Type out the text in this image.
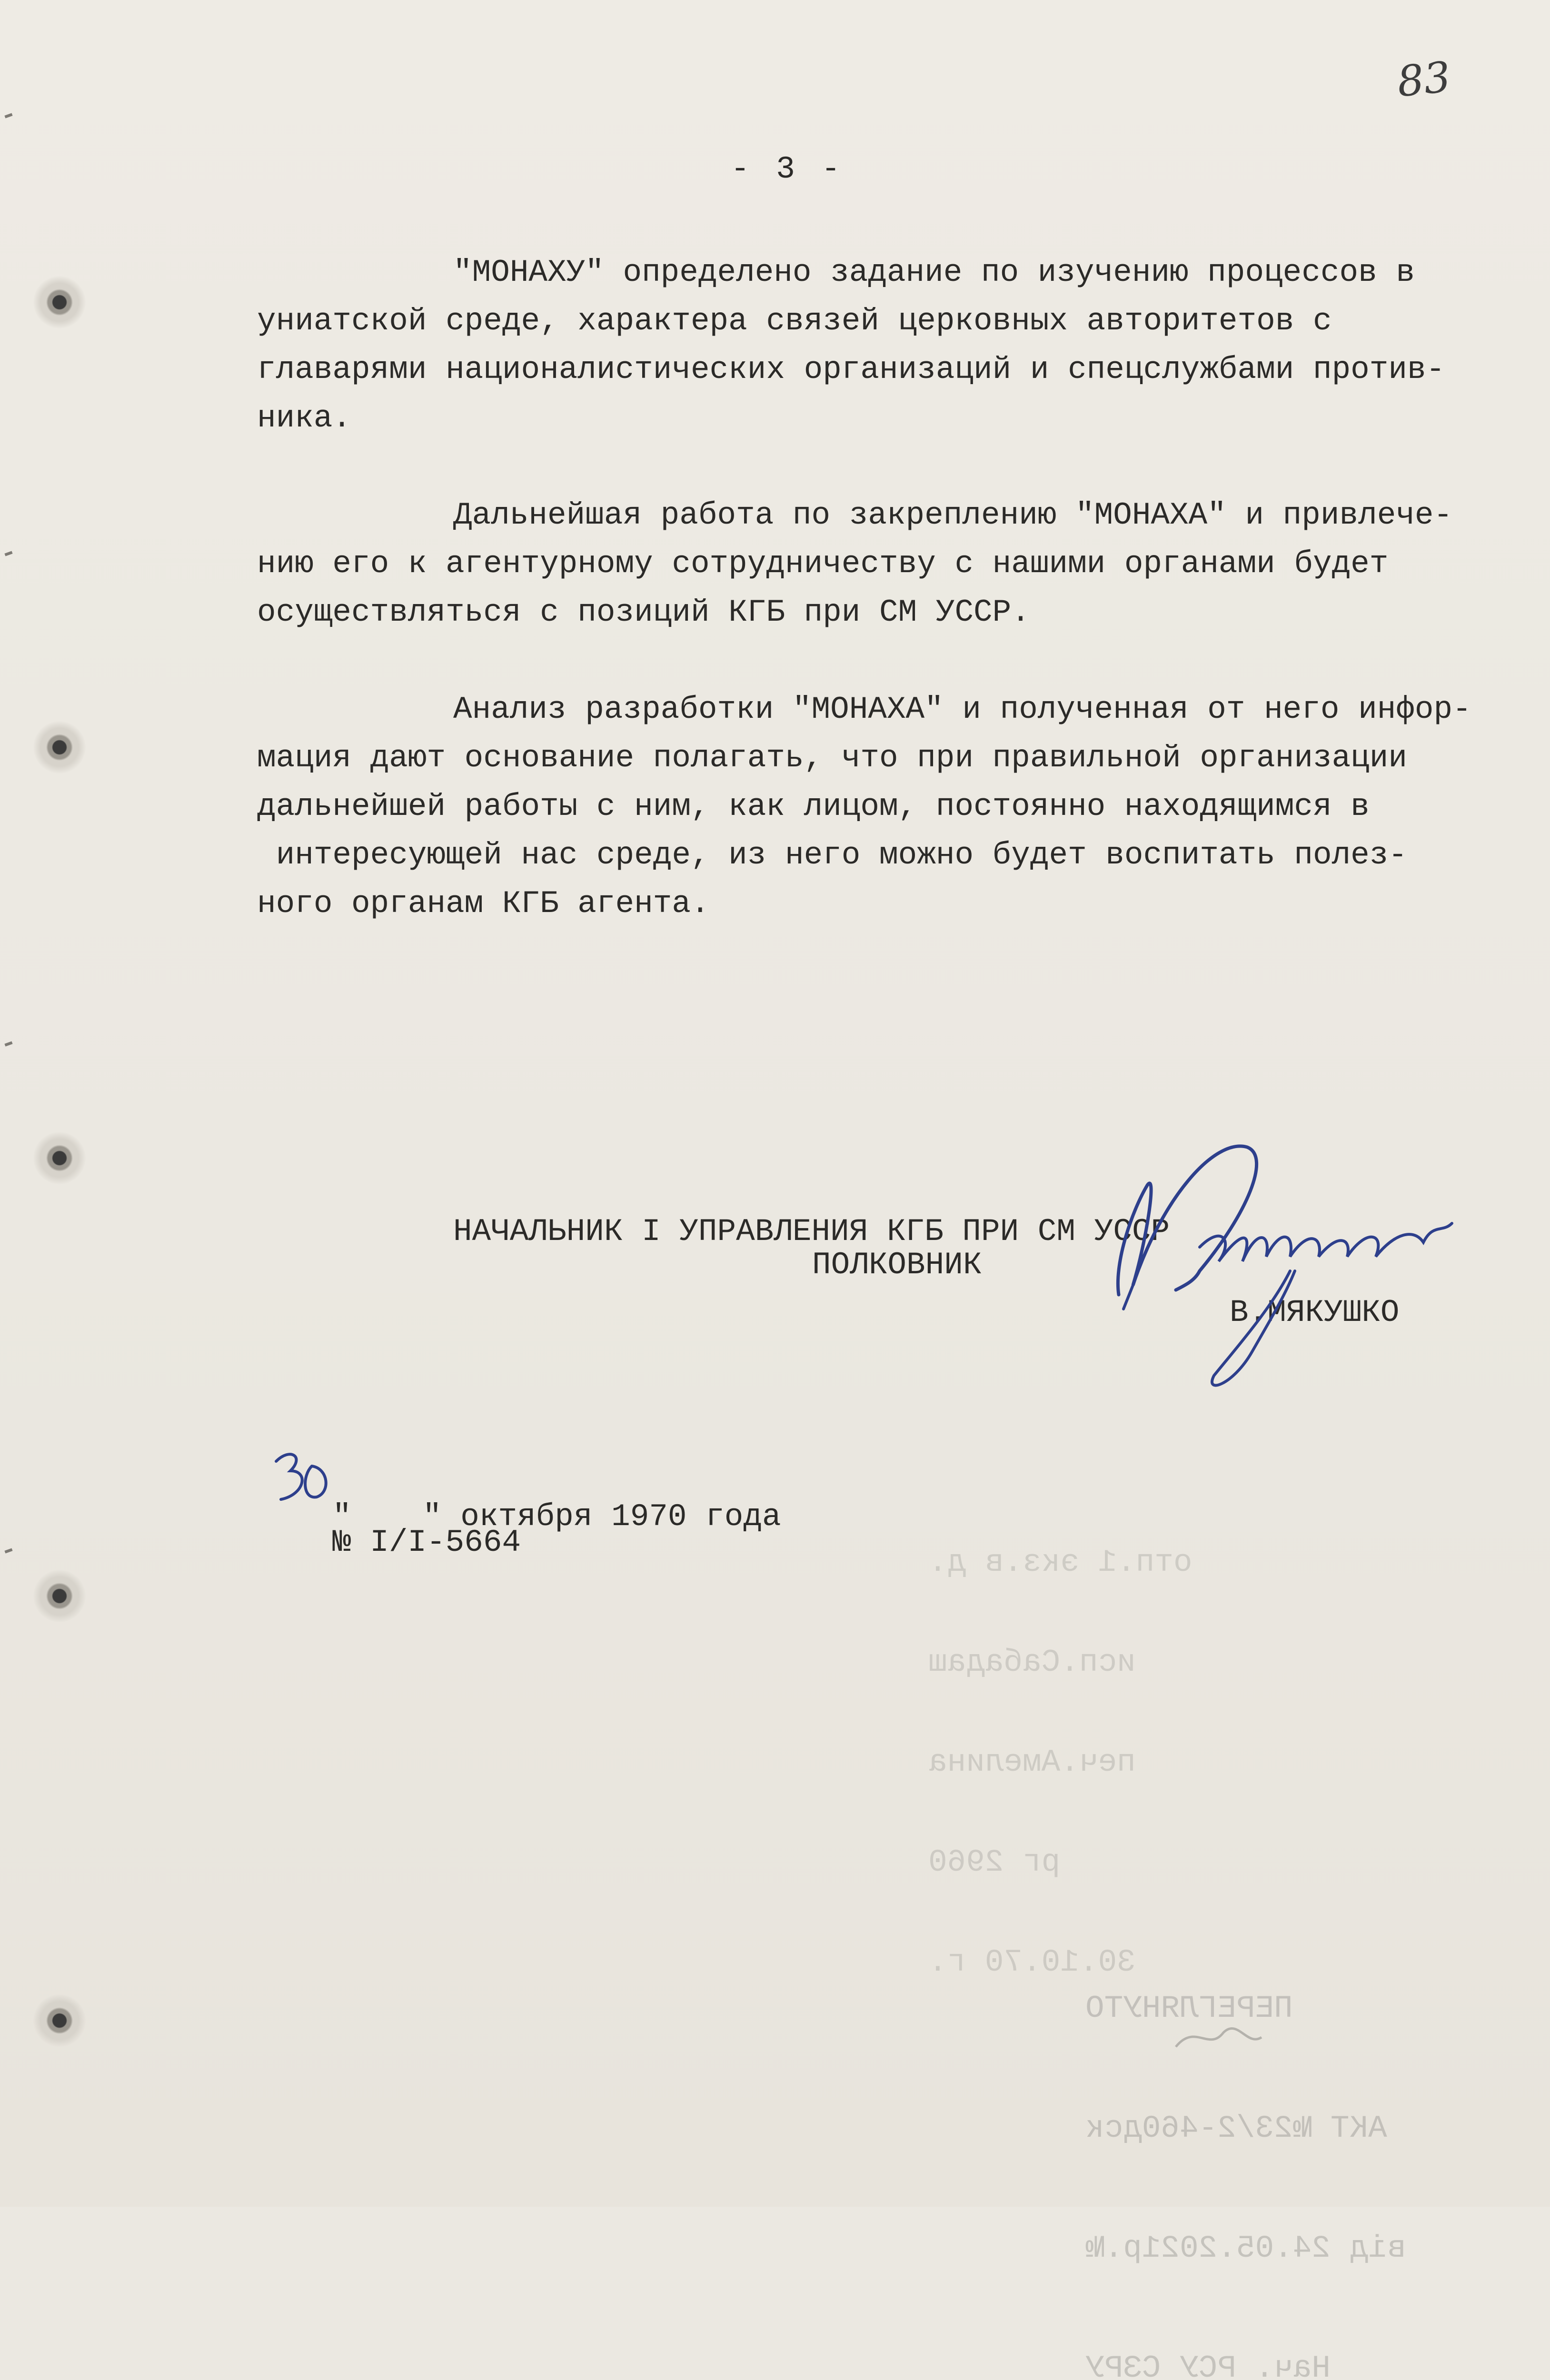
83
- 3 -
"МОНАХУ" определено задание по изучению процессов в
униатской среде, характера связей церковных авторитетов с
главарями националистических организаций и спецслужбами против-
ника.
Дальнейшая работа по закреплению "МОНАХА" и привлече-
нию его к агентурному сотрудничеству с нашими органами будет
осуществляться с позиций КГБ при СМ УССР.
Анализ разработки "МОНАХА" и полученная от него инфор-
мация дают основание полагать, что при правильной организации
дальнейшей работы с ним, как лицом, постоянно находящимся в
интересующей нас среде, из него можно будет воспитать полез-
ного органам КГБ агента.
НАЧАЛЬНИК I УПРАВЛЕНИЯ КГБ ПРИ СМ УССР
ПОЛКОВНИК
В.МЯКУШКО

" " октября 1970 года

№ I/I-5664

отп.1 экз.в д.

исп.Сабадаш

печ.Амелина

рг 2960

30.10.70 г.

ПЕРЕГЛЯНУТО

АКТ №23/2-460дск

від 24.05.2021р.№

Нач. РСУ СЗРУ
